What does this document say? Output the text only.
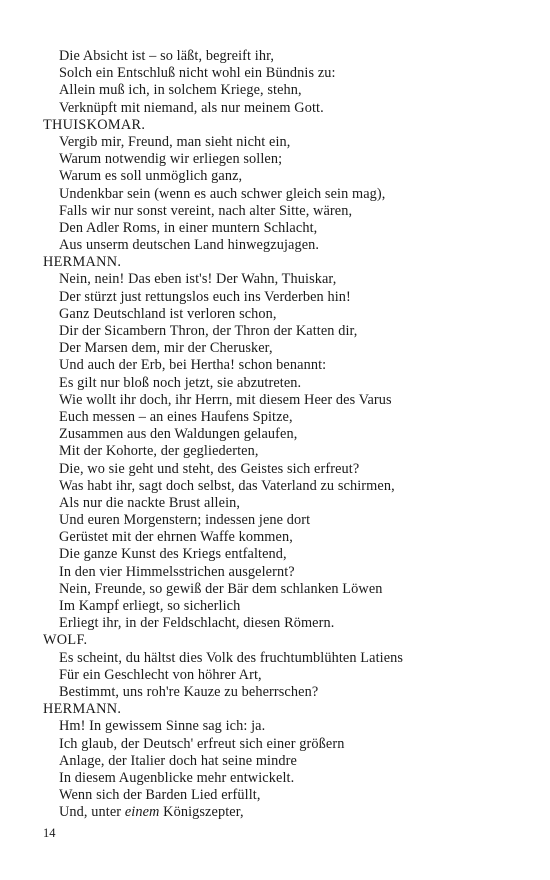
Die Absicht ist – so läßt, begreift ihr,
Solch ein Entschluß nicht wohl ein Bündnis zu:
Allein muß ich, in solchem Kriege, stehn,
Verknüpft mit niemand, als nur meinem Gott.
THUISKOMAR.
Vergib mir, Freund, man sieht nicht ein,
Warum notwendig wir erliegen sollen;
Warum es soll unmöglich ganz,
Undenkbar sein (wenn es auch schwer gleich sein mag),
Falls wir nur sonst vereint, nach alter Sitte, wären,
Den Adler Roms, in einer muntern Schlacht,
Aus unserm deutschen Land hinwegzujagen.
HERMANN.
Nein, nein! Das eben ist's! Der Wahn, Thuiskar,
Der stürzt just rettungslos euch ins Verderben hin!
Ganz Deutschland ist verloren schon,
Dir der Sicambern Thron, der Thron der Katten dir,
Der Marsen dem, mir der Cherusker,
Und auch der Erb, bei Hertha! schon benannt:
Es gilt nur bloß noch jetzt, sie abzutreten.
Wie wollt ihr doch, ihr Herrn, mit diesem Heer des Varus
Euch messen – an eines Haufens Spitze,
Zusammen aus den Waldungen gelaufen,
Mit der Kohorte, der gegliederten,
Die, wo sie geht und steht, des Geistes sich erfreut?
Was habt ihr, sagt doch selbst, das Vaterland zu schirmen,
Als nur die nackte Brust allein,
Und euren Morgenstern; indessen jene dort
Gerüstet mit der ehrnen Waffe kommen,
Die ganze Kunst des Kriegs entfaltend,
In den vier Himmelsstrichen ausgelernt?
Nein, Freunde, so gewiß der Bär dem schlanken Löwen
Im Kampf erliegt, so sicherlich
Erliegt ihr, in der Feldschlacht, diesen Römern.
WOLF.
Es scheint, du hältst dies Volk des fruchtumblühten Latiens
Für ein Geschlecht von höhrer Art,
Bestimmt, uns roh're Kauze zu beherrschen?
HERMANN.
Hm! In gewissem Sinne sag ich: ja.
Ich glaub, der Deutsch' erfreut sich einer größern
Anlage, der Italier doch hat seine mindre
In diesem Augenblicke mehr entwickelt.
Wenn sich der Barden Lied erfüllt,
Und, unter einem Königszepter,
14
